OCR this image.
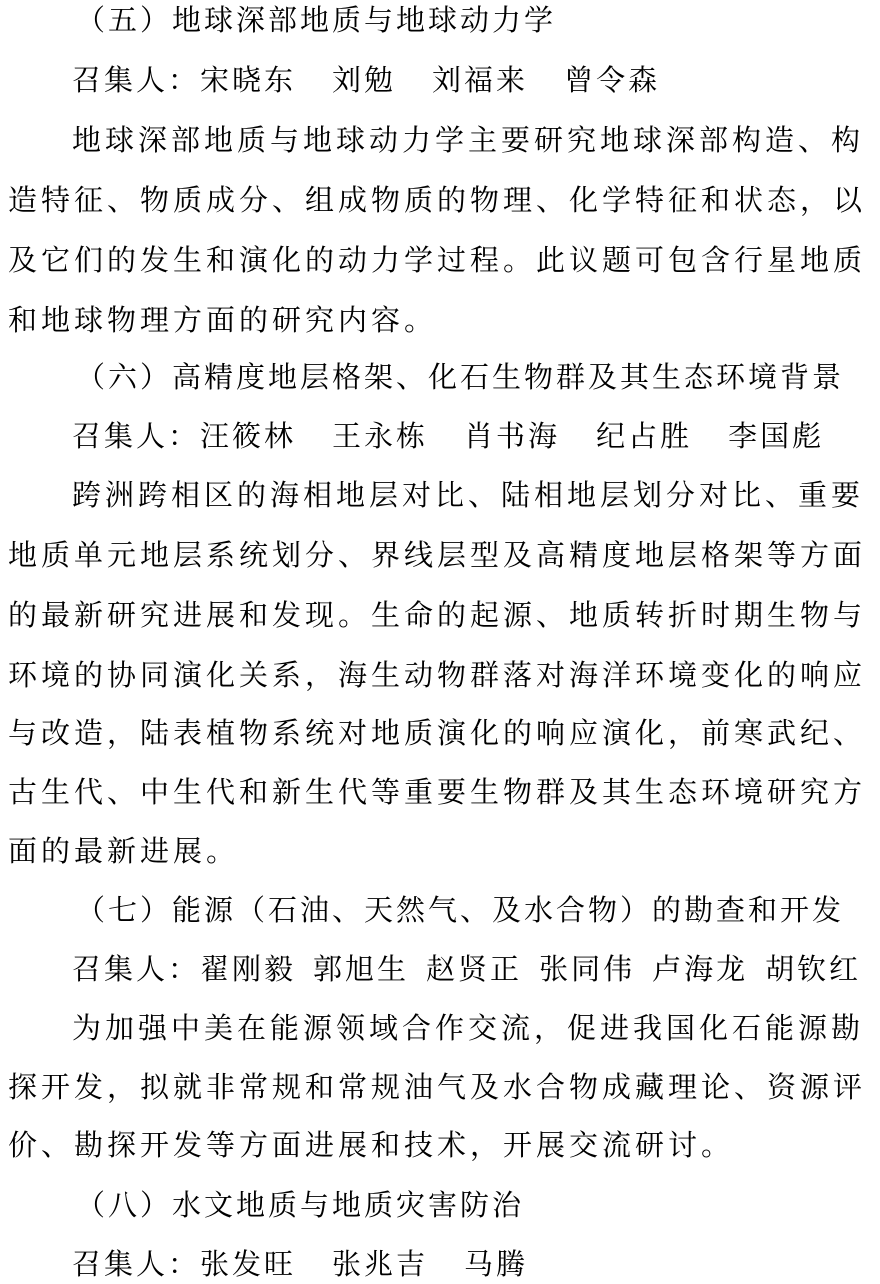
（五）地球深部地质与地球动力学
召集人：宋晓东 刘勉 刘福来 曾令森
地球深部地质与地球动力学主要研究地球深部构造、构
造特征、物质成分、组成物质的物理、化学特征和状态，以
及它们的发生和演化的动力学过程。此议题可包含行星地质
和地球物理方面的研究内容。
（六）高精度地层格架、化石生物群及其生态环境背景
召集人：汪筱林 王永栋 肖书海 纪占胜 李国彪
跨洲跨相区的海相地层对比、陆相地层划分对比、重要
地质单元地层系统划分、界线层型及高精度地层格架等方面
的最新研究进展和发现。生命的起源、地质转折时期生物与
环境的协同演化关系，海生动物群落对海洋环境变化的响应
与改造，陆表植物系统对地质演化的响应演化，前寒武纪、
古生代、中生代和新生代等重要生物群及其生态环境研究方
面的最新进展。
（七）能源（石油、天然气、及水合物）的勘查和开发
召集人：翟刚毅 郭旭生 赵贤正 张同伟 卢海龙 胡钦红
为加强中美在能源领域合作交流，促进我国化石能源勘
探开发，拟就非常规和常规油气及水合物成藏理论、资源评
价、勘探开发等方面进展和技术，开展交流研讨。
（八）水文地质与地质灾害防治
召集人：张发旺 张兆吉 马腾
